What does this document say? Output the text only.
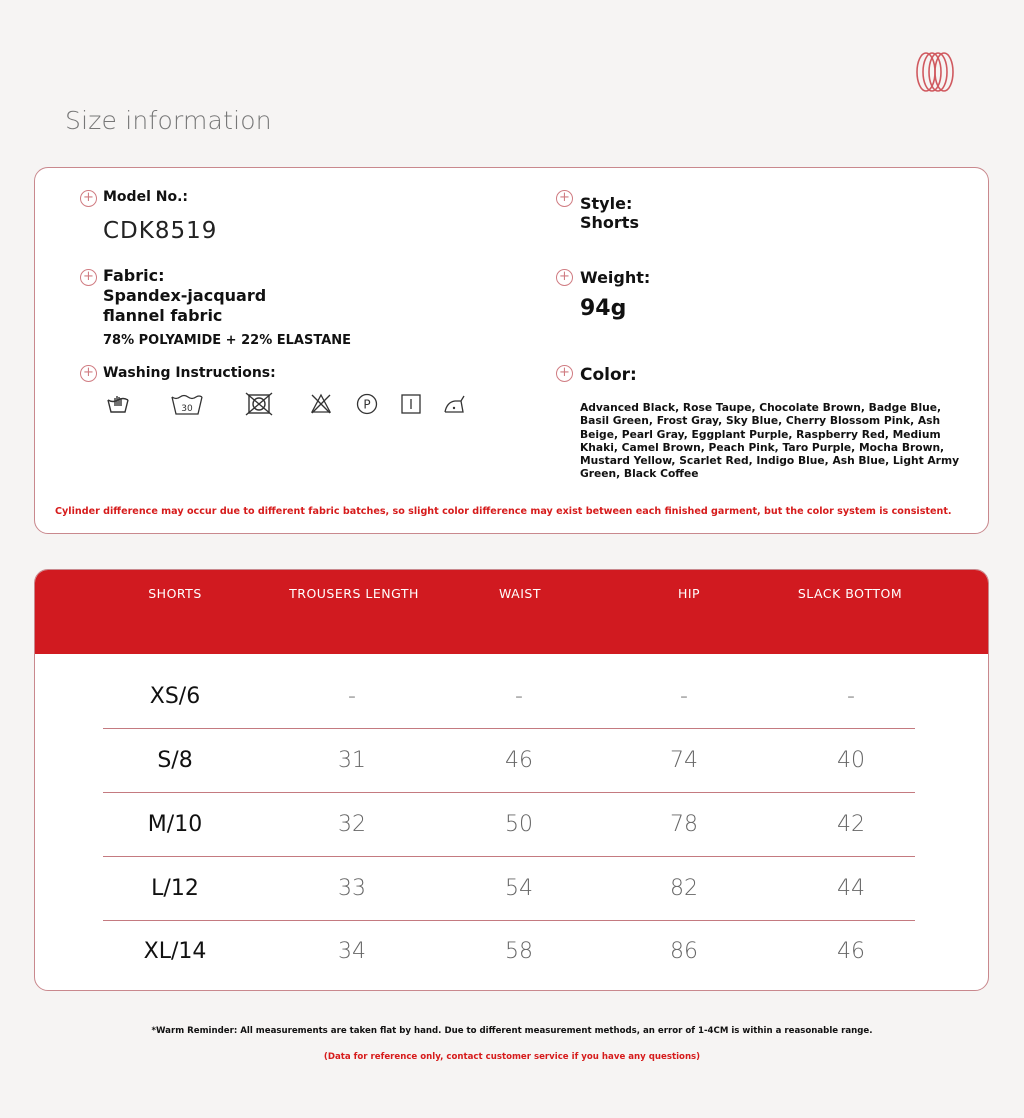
Size information
+ Model No.:
CDK8519
+ Fabric:
Spandex-jacquard
flannel fabric
78% POLYAMIDE + 22% ELASTANE
+ Washing Instructions:
30	P
+ Style:
Shorts
+ Weight:
94g
+ Color:
Advanced Black, Rose Taupe, Chocolate Brown, Badge Blue, Basil Green, Frost Gray, Sky Blue, Cherry Blossom Pink, Ash Beige, Pearl Gray, Eggplant Purple, Raspberry Red, Medium Khaki, Camel Brown, Peach Pink, Taro Purple, Mocha Brown, Mustard Yellow, Scarlet Red, Indigo Blue, Ash Blue, Light Army Green, Black Coffee
Cylinder difference may occur due to different fabric batches, so slight color difference may exist between each finished garment, but the color system is consistent.
SHORTS	TROUSERS LENGTH	WAIST	HIP	SLACK BOTTOM
XS/6	-	-	-	-
S/8	31	46	74	40
M/10	32	50	78	42
L/12	33	54	82	44
XL/14	34	58	86	46
*Warm Reminder: All measurements are taken flat by hand. Due to different measurement methods, an error of 1-4CM is within a reasonable range.
(Data for reference only, contact customer service if you have any questions)
